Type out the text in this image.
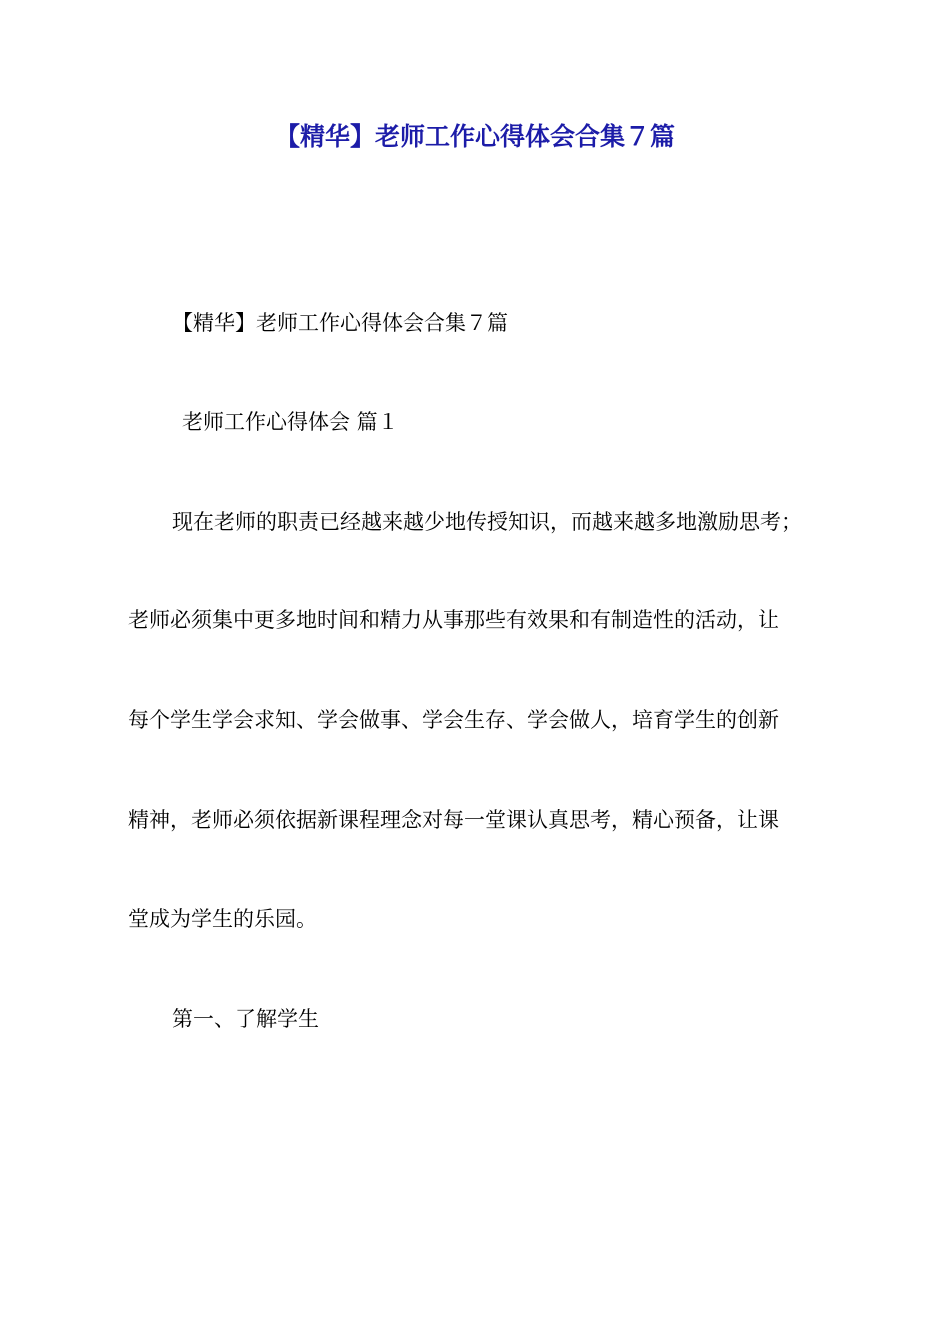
【精华】老师工作心得体会合集７篇
【精华】老师工作心得体会合集７篇
老师工作心得体会 篇１
现在老师的职责已经越来越少地传授知识，而越来越多地激励思考；
老师必须集中更多地时间和精力从事那些有效果和有制造性的活动，让
每个学生学会求知、学会做事、学会生存、学会做人，培育学生的创新
精神，老师必须依据新课程理念对每一堂课认真思考，精心预备，让课
堂成为学生的乐园。
第一、了解学生
